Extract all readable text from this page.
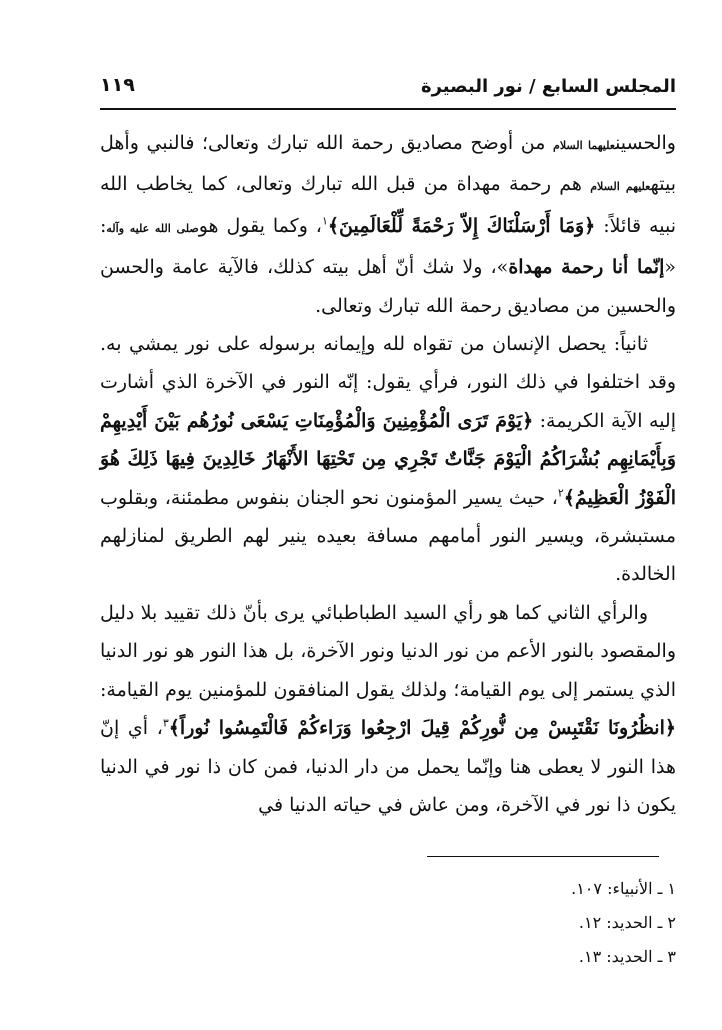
المجلس السابع / نور البصيرة
١١٩

والحسينعليهما السلام من أوضح مصاديق رحمة الله تبارك وتعالى؛ فالنبي وأهل بيتهعليهم السلام هم رحمة مهداة من قبل الله تبارك وتعالى، كما يخاطب الله نبيه قائلاً: ﴿وَمَا أَرْسَلْنَاكَ إِلاّ رَحْمَةً لِّلْعَالَمِينَ﴾$^١$، وكما يقول هوصلى الله عليه وآله: «إنّما أنا رحمة مهداة»، ولا شك أنّ أهل بيته كذلك، فالآية عامة والحسن والحسين من مصاديق رحمة الله تبارك وتعالى.

ثانياً: يحصل الإنسان من تقواه لله وإيمانه برسوله على نور يمشي به. وقد اختلفوا في ذلك النور، فرأي يقول: إنّه النور في الآخرة الذي أشارت إليه الآية الكريمة: ﴿يَوْمَ تَرَى الْمُؤْمِنِينَ وَالْمُؤْمِنَاتِ يَسْعَى نُورُهُم بَيْنَ أَيْدِيهِمْ وَبِأَيْمَانِهِم بُشْرَاكُمُ الْيَوْمَ جَنَّاتٌ تَجْرِي مِن تَحْتِهَا الأَنْهَارُ خَالِدِينَ فِيهَا ذَلِكَ هُوَ الْفَوْزُ الْعَظِيمُ﴾$^٢$، حيث يسير المؤمنون نحو الجنان بنفوس مطمئنة، وبقلوب مستبشرة، ويسير النور أمامهم مسافة بعيده ينير لهم الطريق لمنازلهم الخالدة.

والرأي الثاني كما هو رأي السيد الطباطبائي يرى بأنّ ذلك تقييد بلا دليل والمقصود بالنور الأعم من نور الدنيا ونور الآخرة، بل هذا النور هو نور الدنيا الذي يستمر إلى يوم القيامة؛ ولذلك يقول المنافقون للمؤمنين يوم القيامة: ﴿انظُرُونَا نَقْتَبِسْ مِن نُّورِكُمْ قِيلَ ارْجِعُوا وَرَاءكُمْ فَالْتَمِسُوا نُوراً﴾$^٣$، أي إنّ هذا النور لا يعطى هنا وإنّما يحمل من دار الدنيا، فمن كان ذا نور في الدنيا يكون ذا نور في الآخرة، ومن عاش في حياته الدنيا في

١ ـ الأنبياء: ١٠٧.

٢ ـ الحديد: ١٢.

٣ ـ الحديد: ١٣.
